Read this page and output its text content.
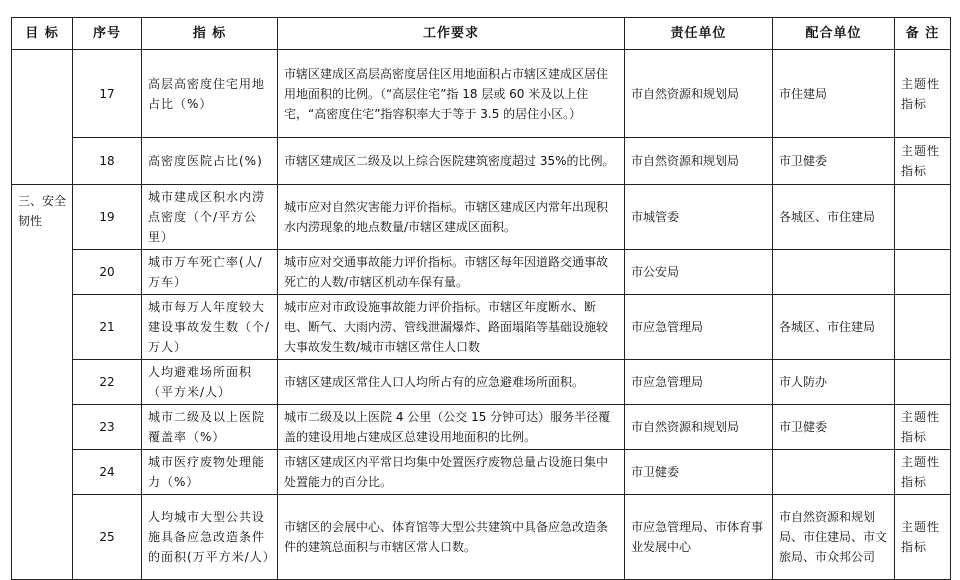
目 标	序号	指 标	工作要求	责任单位	配合单位	备 注
	17	高层高密度住宅用地占比（%）	市辖区建成区高层高密度居住区用地面积占市辖区建成区居住用地面积的比例。（“高层住宅”指 18 层或 60 米及以上住宅，“高密度住宅”指容积率大于等于 3.5 的居住小区。）	市自然资源和规划局	市住建局	主题性指标
	18	高密度医院占比(%)	市辖区建成区二级及以上综合医院建筑密度超过 35%的比例。	市自然资源和规划局	市卫健委	主题性指标
三、安全韧性	19	城市建成区积水内涝点密度（个/平方公里）	城市应对自然灾害能力评价指标。市辖区建成区内常年出现积水内涝现象的地点数量/市辖区建成区面积。	市城管委	各城区、市住建局	
	20	城市万车死亡率(人/万车）	城市应对交通事故能力评价指标。市辖区每年因道路交通事故死亡的人数/市辖区机动车保有量。	市公安局		
	21	城市每万人年度较大建设事故发生数（个/万人）	城市应对市政设施事故能力评价指标。市辖区年度断水、断电、断气、大雨内涝、管线泄漏爆炸、路面塌陷等基础设施较大事故发生数/城市市辖区常住人口数	市应急管理局	各城区、市住建局	
	22	人均避难场所面积（平方米/人）	市辖区建成区常住人口人均所占有的应急避难场所面积。	市应急管理局	市人防办	
	23	城市二级及以上医院覆盖率（%）	城市二级及以上医院 4 公里（公交 15 分钟可达）服务半径覆盖的建设用地占建成区总建设用地面积的比例。	市自然资源和规划局	市卫健委	主题性指标
	24	城市医疗废物处理能力（%）	市辖区建成区内平常日均集中处置医疗废物总量占设施日集中处置能力的百分比。	市卫健委		主题性指标
	25	人均城市大型公共设施具备应急改造条件的面积(万平方米/人）	市辖区的会展中心、体育馆等大型公共建筑中具备应急改造条件的建筑总面积与市辖区常人口数。	市应急管理局、市体育事业发展中心	市自然资源和规划局、市住建局、市文旅局、市众邦公司	主题性指标
